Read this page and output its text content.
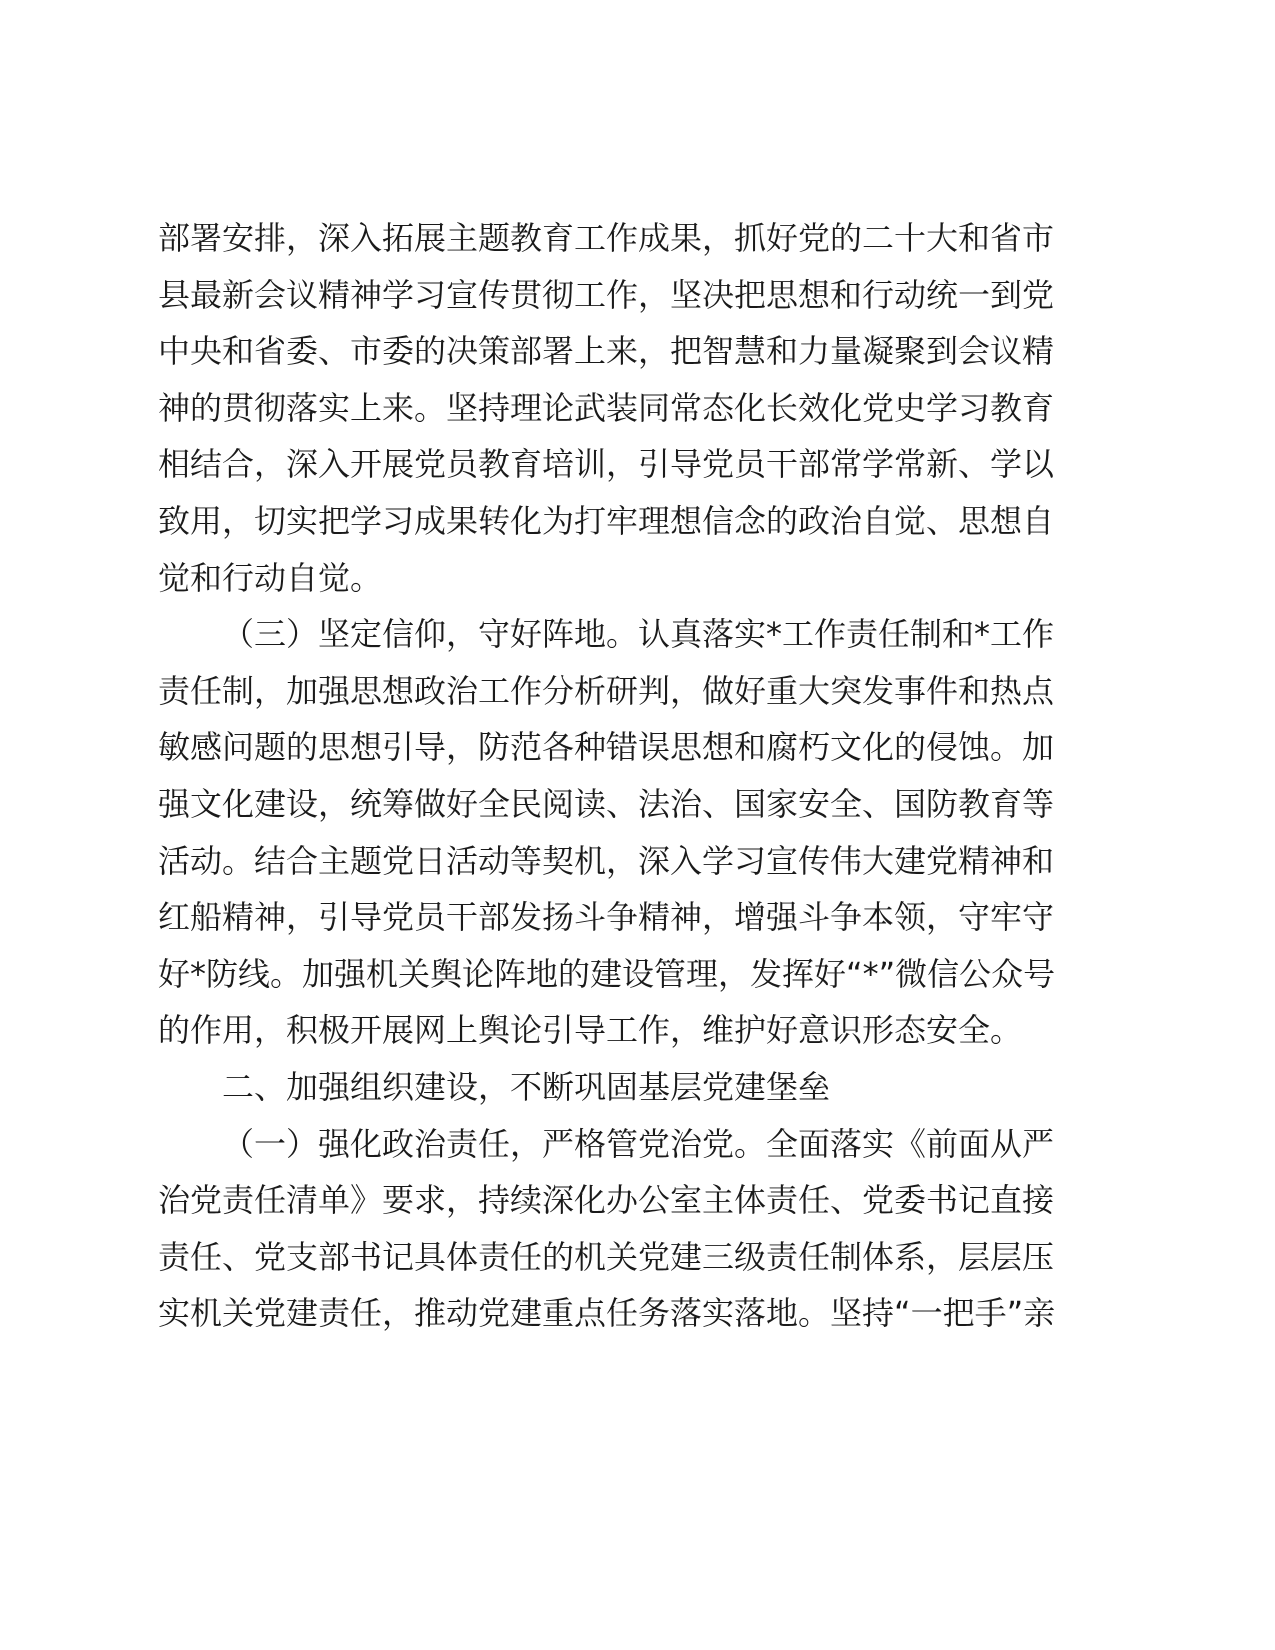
部署安排，深入拓展主题教育工作成果，抓好党的二十大和省市
县最新会议精神学习宣传贯彻工作，坚决把思想和行动统一到党
中央和省委、市委的决策部署上来，把智慧和力量凝聚到会议精
神的贯彻落实上来。坚持理论武装同常态化长效化党史学习教育
相结合，深入开展党员教育培训，引导党员干部常学常新、学以
致用，切实把学习成果转化为打牢理想信念的政治自觉、思想自
觉和行动自觉。
（三）坚定信仰，守好阵地。认真落实*工作责任制和*工作
责任制，加强思想政治工作分析研判，做好重大突发事件和热点
敏感问题的思想引导，防范各种错误思想和腐朽文化的侵蚀。加
强文化建设，统筹做好全民阅读、法治、国家安全、国防教育等
活动。结合主题党日活动等契机，深入学习宣传伟大建党精神和
红船精神，引导党员干部发扬斗争精神，增强斗争本领，守牢守
好*防线。加强机关舆论阵地的建设管理，发挥好“*”微信公众号
的作用，积极开展网上舆论引导工作，维护好意识形态安全。
二、加强组织建设，不断巩固基层党建堡垒
（一）强化政治责任，严格管党治党。全面落实《前面从严
治党责任清单》要求，持续深化办公室主体责任、党委书记直接
责任、党支部书记具体责任的机关党建三级责任制体系，层层压
实机关党建责任，推动党建重点任务落实落地。坚持“一把手”亲
